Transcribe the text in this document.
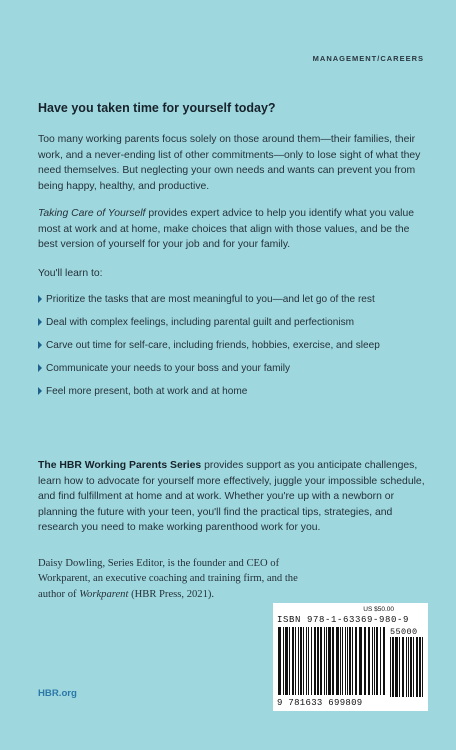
MANAGEMENT/CAREERS
Have you taken time for yourself today?

Too many working parents focus solely on those around them—their families, their work, and a never-ending list of other commitments—only to lose sight of what they need themselves. But neglecting your own needs and wants can prevent you from being happy, healthy, and productive.

Taking Care of Yourself provides expert advice to help you identify what you value most at work and at home, make choices that align with those values, and be the best version of yourself for your job and for your family.

You'll learn to:
Prioritize the tasks that are most meaningful to you—and let go of the rest
Deal with complex feelings, including parental guilt and perfectionism
Carve out time for self-care, including friends, hobbies, exercise, and sleep
Communicate your needs to your boss and your family
Feel more present, both at work and at home

The HBR Working Parents Series provides support as you anticipate challenges, learn how to advocate for yourself more effectively, juggle your impossible schedule, and find fulfillment at home and at work. Whether you're up with a newborn or planning the future with your teen, you'll find the practical tips, strategies, and research you need to make working parenthood work for you.

Daisy Dowling, Series Editor, is the founder and CEO of Workparent, an executive coaching and training firm, and the author of Workparent (HBR Press, 2021).

HBR.org
US $50.00
ISBN 978-1-63369-980-9
9 781633 699809
55000
